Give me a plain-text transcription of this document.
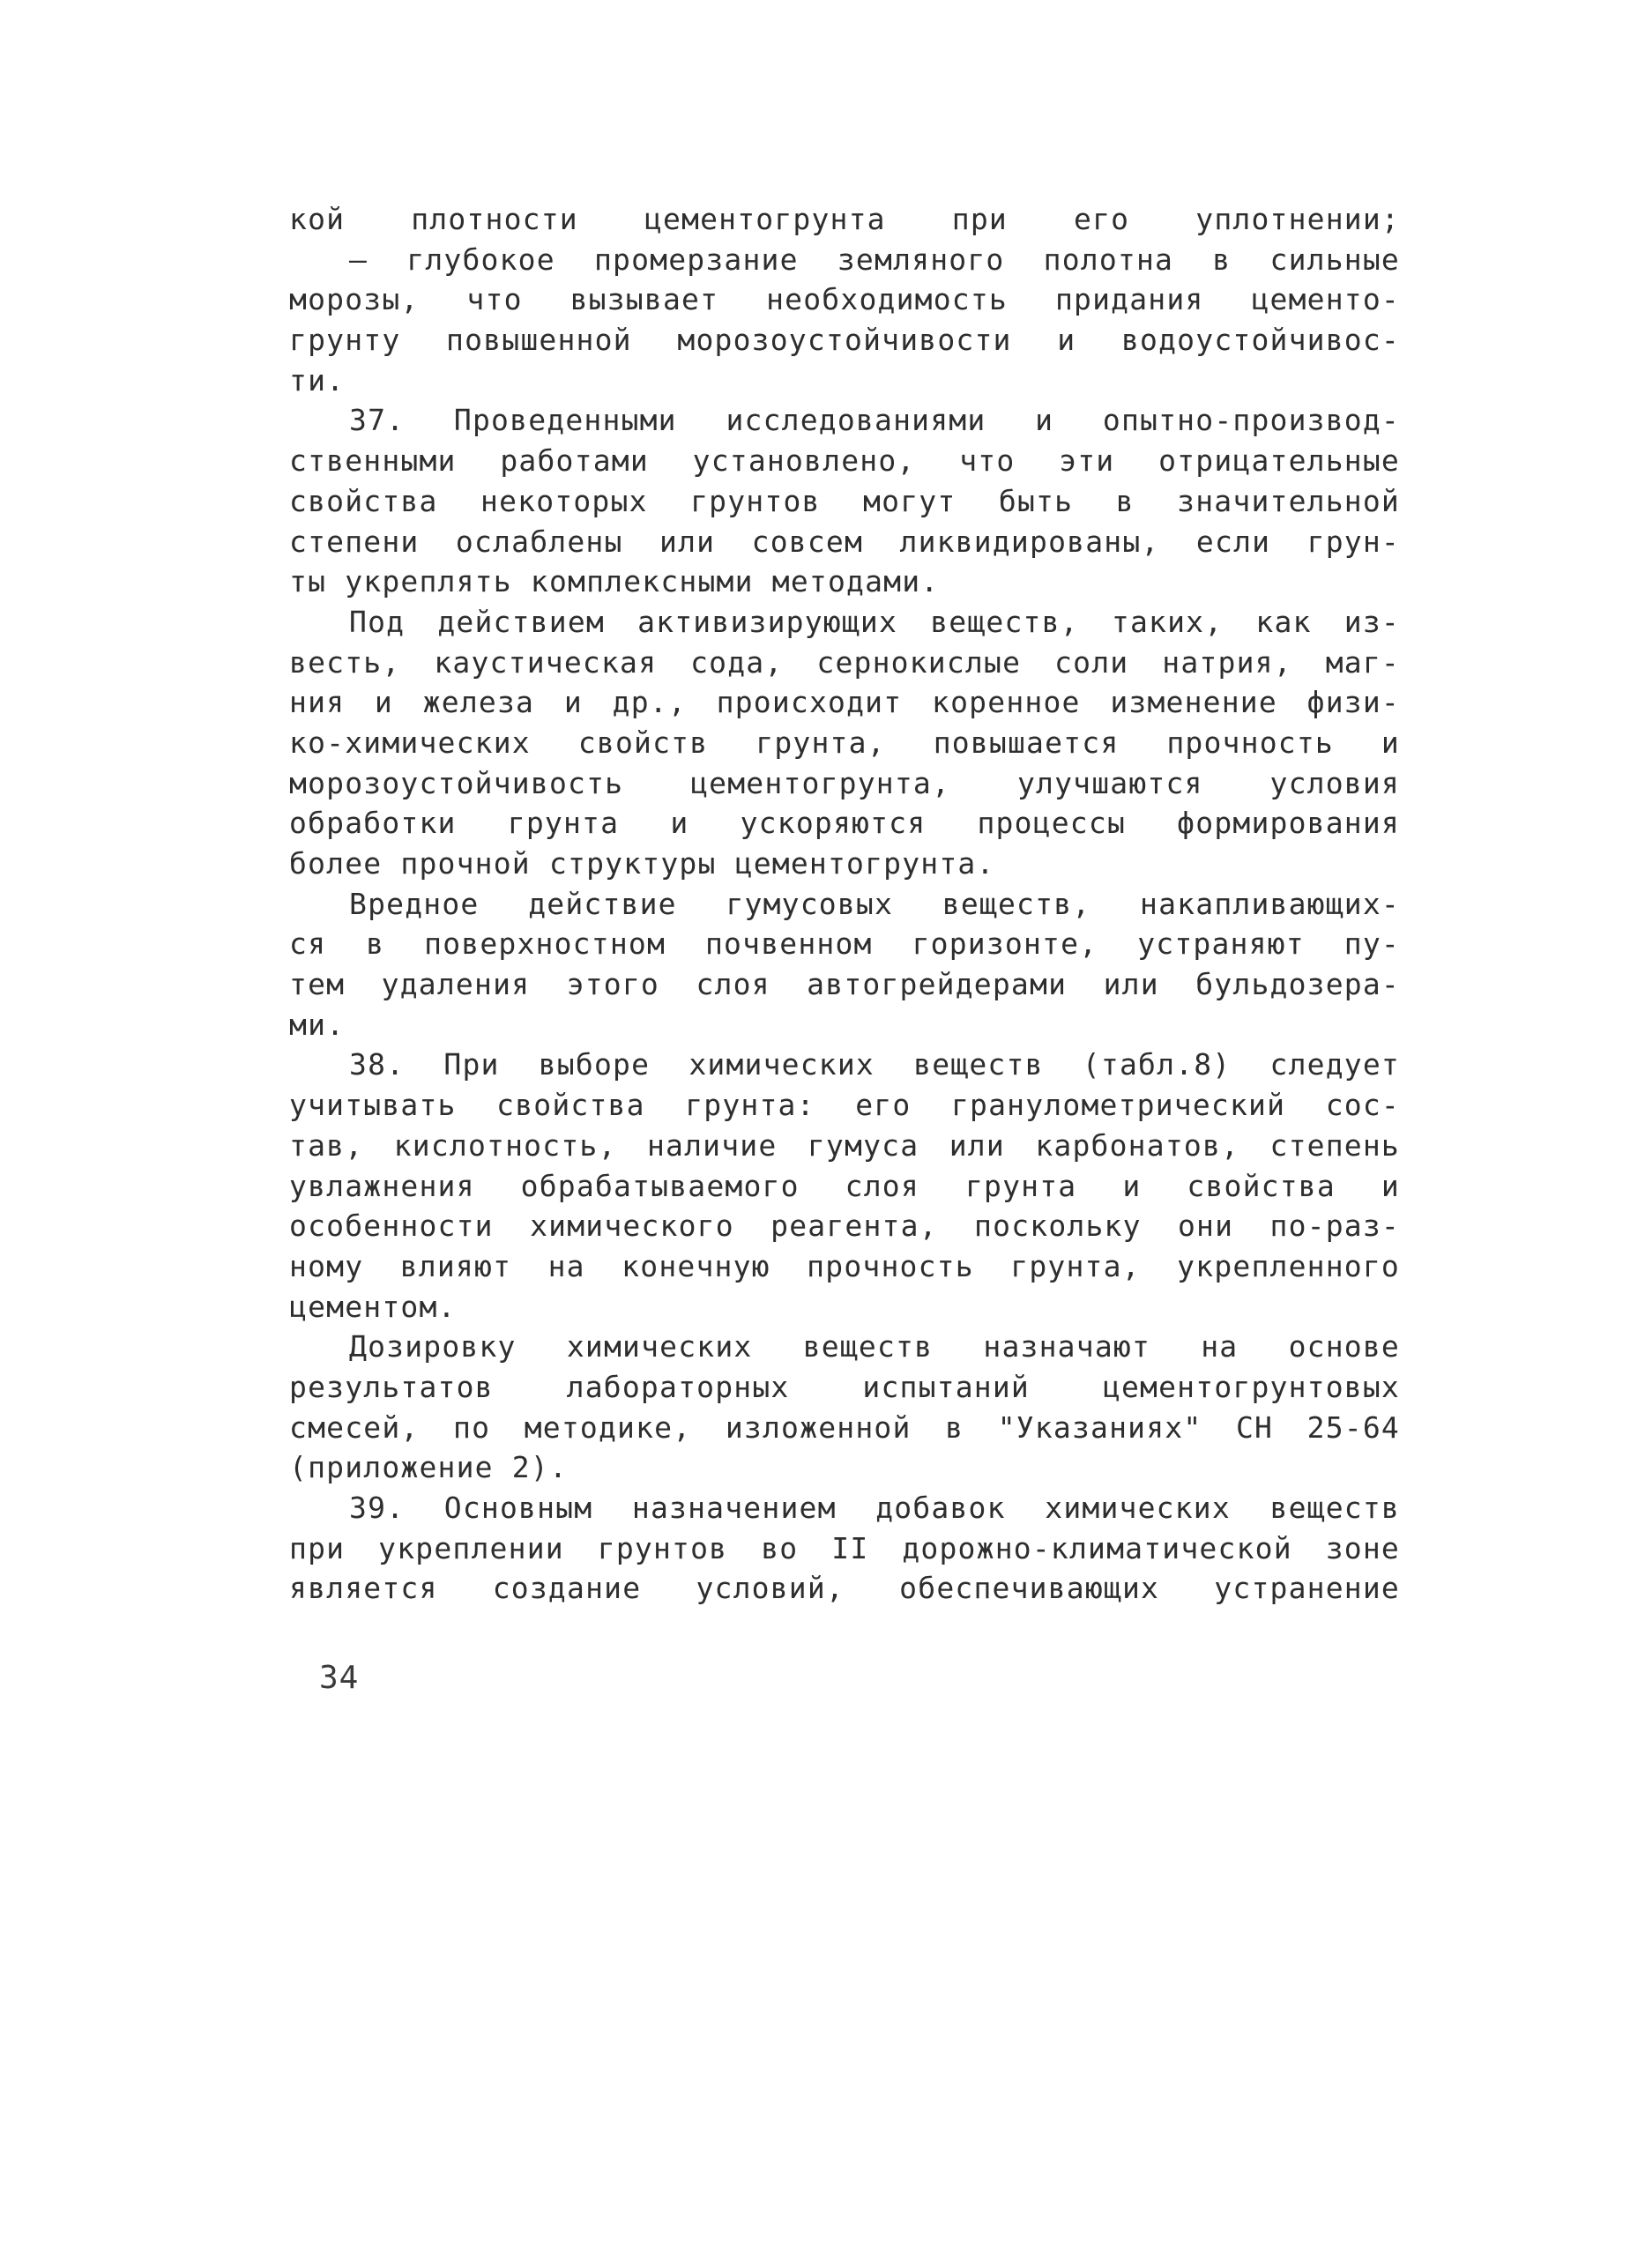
кой плотности цементогрунта при его уплотнении;
– глубокое промерзание земляного полотна в сильные
морозы, что вызывает необходимость придания цементо-
грунту повышенной морозоустойчивости и водоустойчивос-
ти.
37. Проведенными исследованиями и опытно-производ-
ственными работами установлено, что эти отрицательные
свойства некоторых грунтов могут быть в значительной
степени ослаблены или совсем ликвидированы, если грун-
ты укреплять комплексными методами.
Под действием активизирующих веществ, таких, как из-
весть, каустическая сода, сернокислые соли натрия, маг-
ния и железа и др., происходит коренное изменение физи-
ко-химических свойств грунта, повышается прочность и
морозоустойчивость цементогрунта, улучшаются условия
обработки грунта и ускоряются процессы формирования
более прочной структуры цементогрунта.
Вредное действие гумусовых веществ, накапливающих-
ся в поверхностном почвенном горизонте, устраняют пу-
тем удаления этого слоя автогрейдерами или бульдозера-
ми.
38. При выборе химических веществ (табл.8) следует
учитывать свойства грунта: его гранулометрический сос-
тав, кислотность, наличие гумуса или карбонатов, степень
увлажнения обрабатываемого слоя грунта и свойства и
особенности химического реагента, поскольку они по-раз-
ному влияют на конечную прочность грунта, укрепленного
цементом.
Дозировку химических веществ назначают на основе
результатов лабораторных испытаний цементогрунтовых
смесей, по методике, изложенной в "Указаниях" СН 25-64
(приложение 2).
39. Основным назначением добавок химических веществ
при укреплении грунтов во II дорожно-климатической зоне
является создание условий, обеспечивающих устранение
34
